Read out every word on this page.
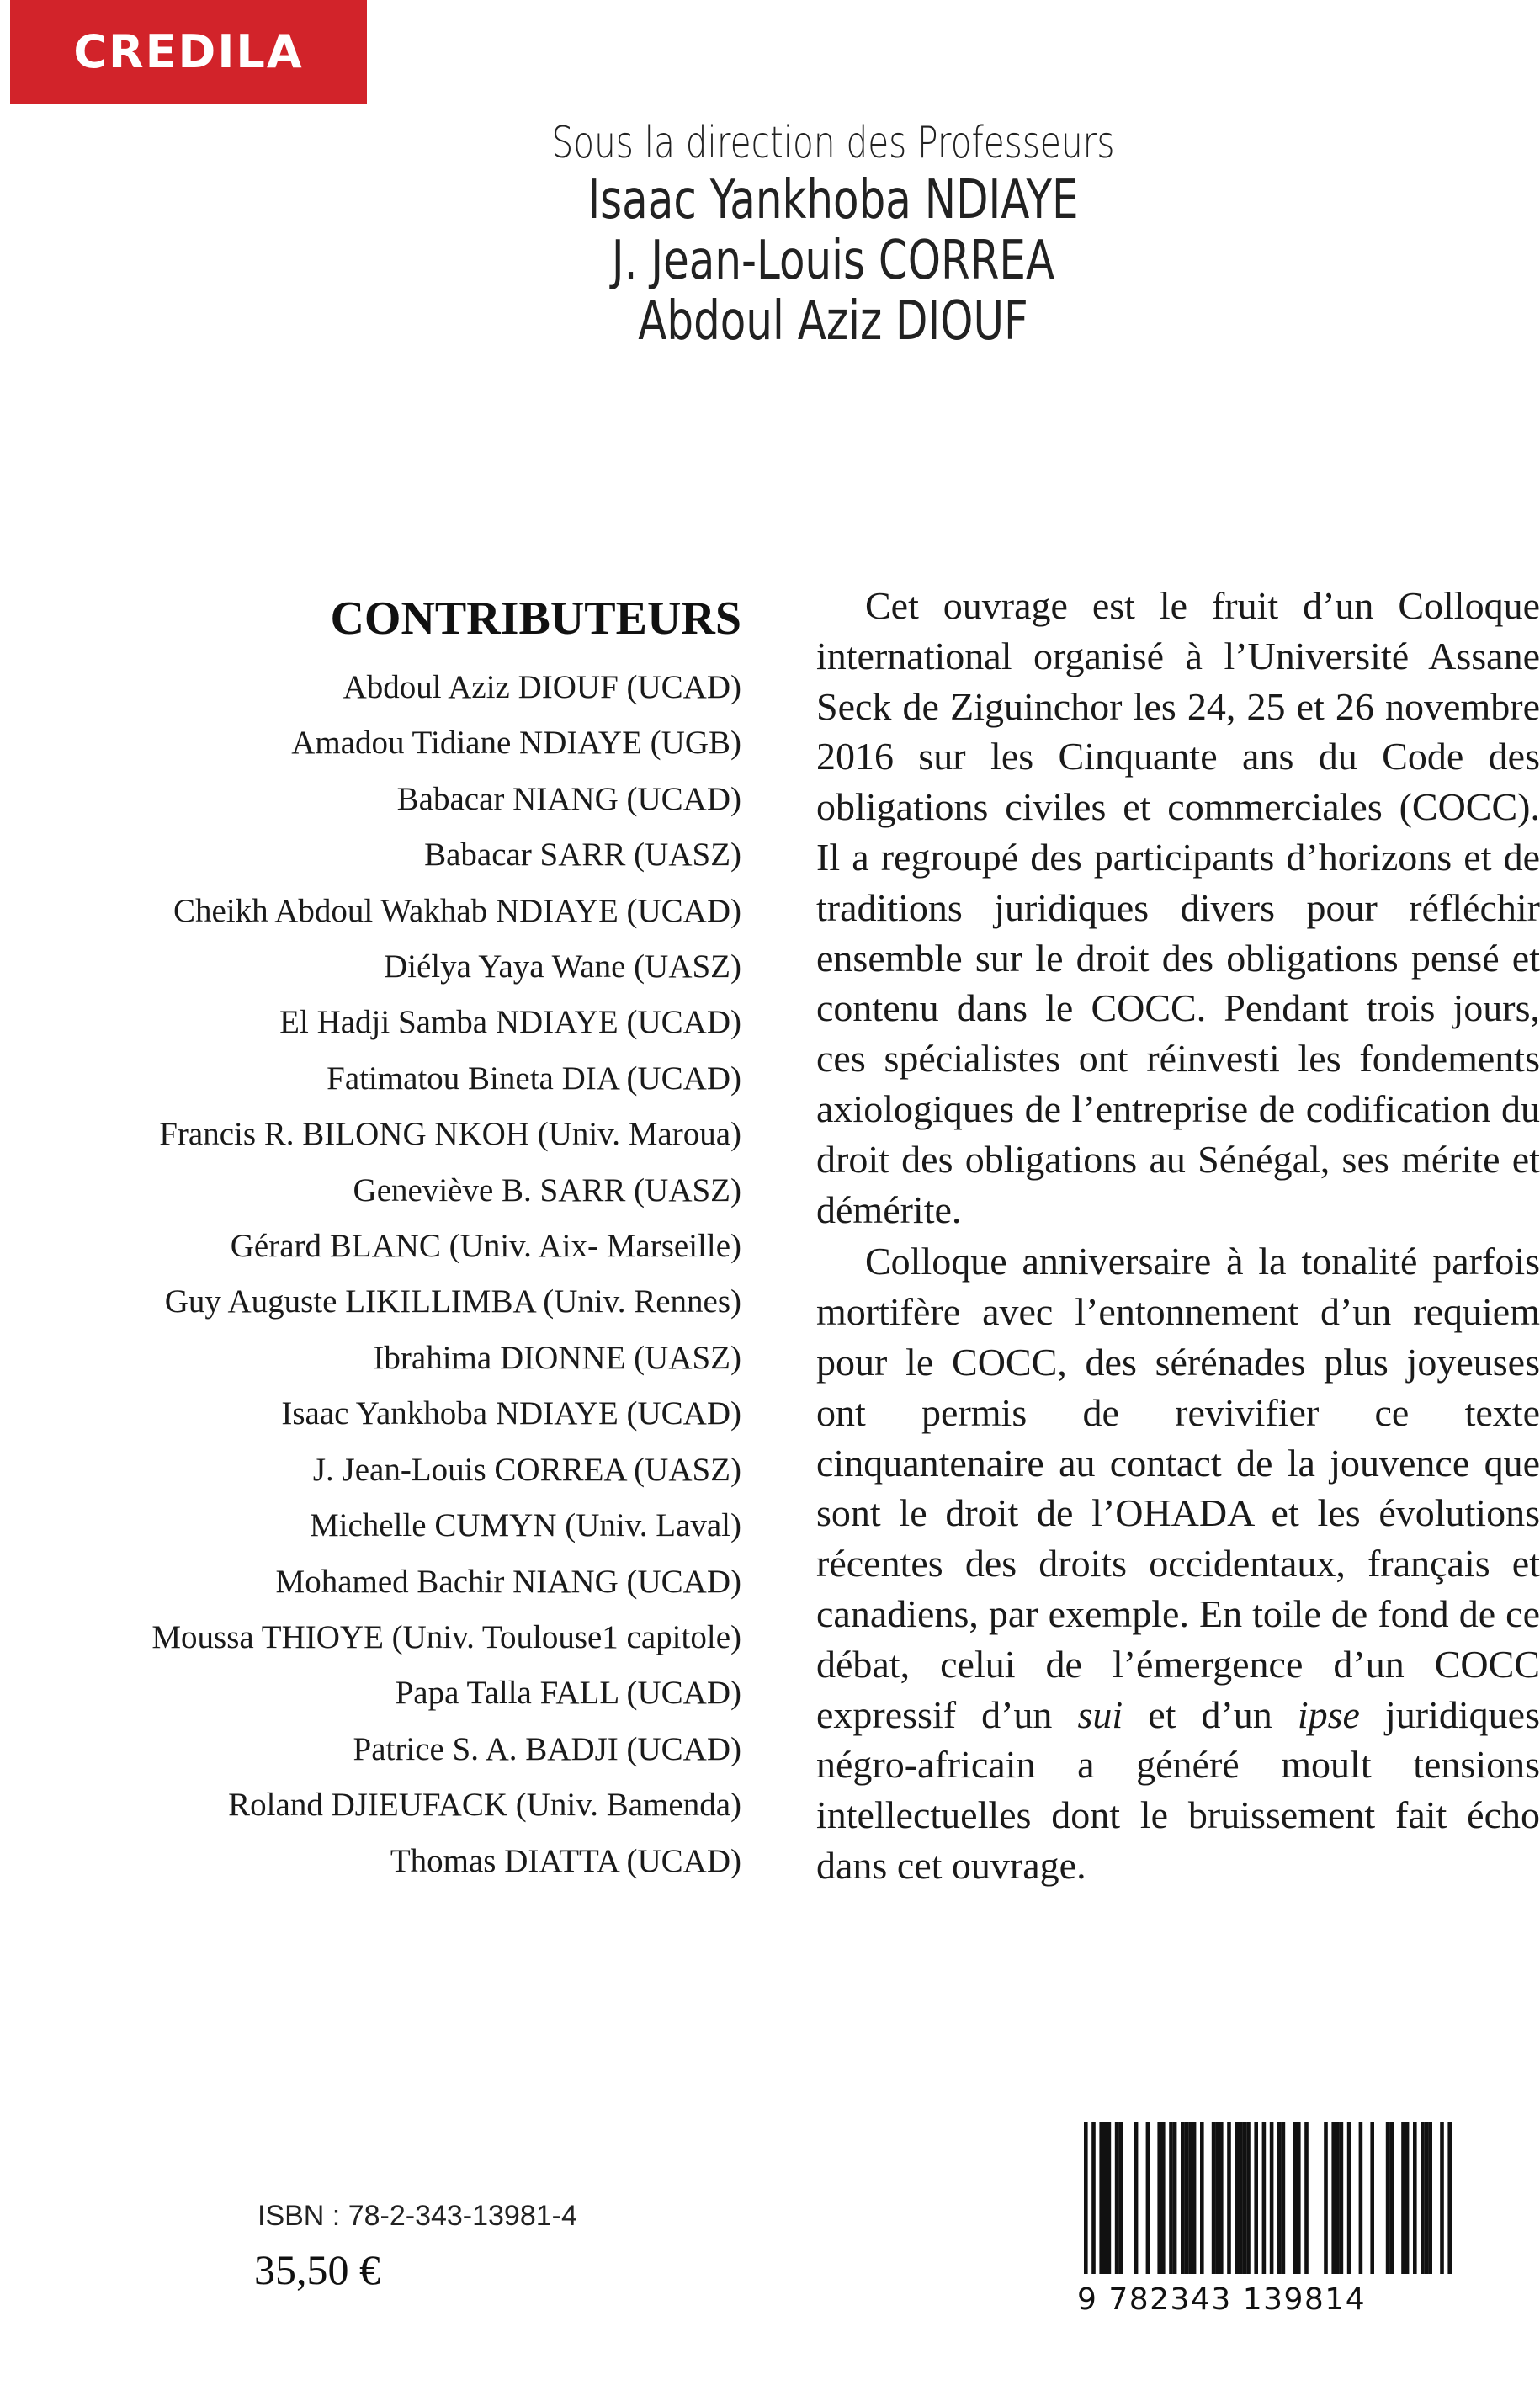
CREDILA
Sous la direction des Professeurs
Isaac Yankhoba NDIAYE
J. Jean-Louis CORREA
Abdoul Aziz DIOUF
CONTRIBUTEURS
Abdoul Aziz DIOUF (UCAD)
Amadou Tidiane NDIAYE (UGB)
Babacar NIANG (UCAD)
Babacar SARR (UASZ)
Cheikh Abdoul Wakhab NDIAYE (UCAD)
Diélya Yaya Wane (UASZ)
El Hadji Samba NDIAYE (UCAD)
Fatimatou Bineta DIA (UCAD)
Francis R. BILONG NKOH (Univ. Maroua)
Geneviève B. SARR (UASZ)
Gérard BLANC (Univ. Aix- Marseille)
Guy Auguste LIKILLIMBA (Univ. Rennes)
Ibrahima DIONNE (UASZ)
Isaac Yankhoba NDIAYE (UCAD)
J. Jean-Louis CORREA (UASZ)
Michelle CUMYN (Univ. Laval)
Mohamed Bachir NIANG (UCAD)
Moussa THIOYE (Univ. Toulouse1 capitole)
Papa Talla FALL (UCAD)
Patrice S. A. BADJI (UCAD)
Roland DJIEUFACK (Univ. Bamenda)
Thomas DIATTA (UCAD)

Cet ouvrage est le fruit d’un Colloque international organisé à l’Université Assane Seck de Ziguinchor les 24, 25 et 26 novembre 2016 sur les Cinquante ans du Code des obligations civiles et commerciales (COCC). Il a regroupé des participants d’horizons et de traditions juridiques divers pour réfléchir ensemble sur le droit des obligations pensé et contenu dans le COCC. Pendant trois jours, ces spécialistes ont réinvesti les fondements axiologiques de l’entreprise de codification du droit des obligations au Sénégal, ses mérite et démérite.

Colloque anniversaire à la tonalité parfois mortifère avec l’entonnement d’un requiem pour le COCC, des sérénades plus joyeuses ont permis de revivifier ce texte cinquantenaire au contact de la jouvence que sont le droit de l’OHADA et les évolutions récentes des droits occidentaux, français et canadiens, par exemple. En toile de fond de ce débat, celui de l’émergence d’un COCC expressif d’un sui et d’un ipse juridiques négro-africain a généré moult tensions intellectuelles dont le bruissement fait écho dans cet ouvrage.

ISBN : 78-2-343-13981-4
35,50 €
9 782343 139814
